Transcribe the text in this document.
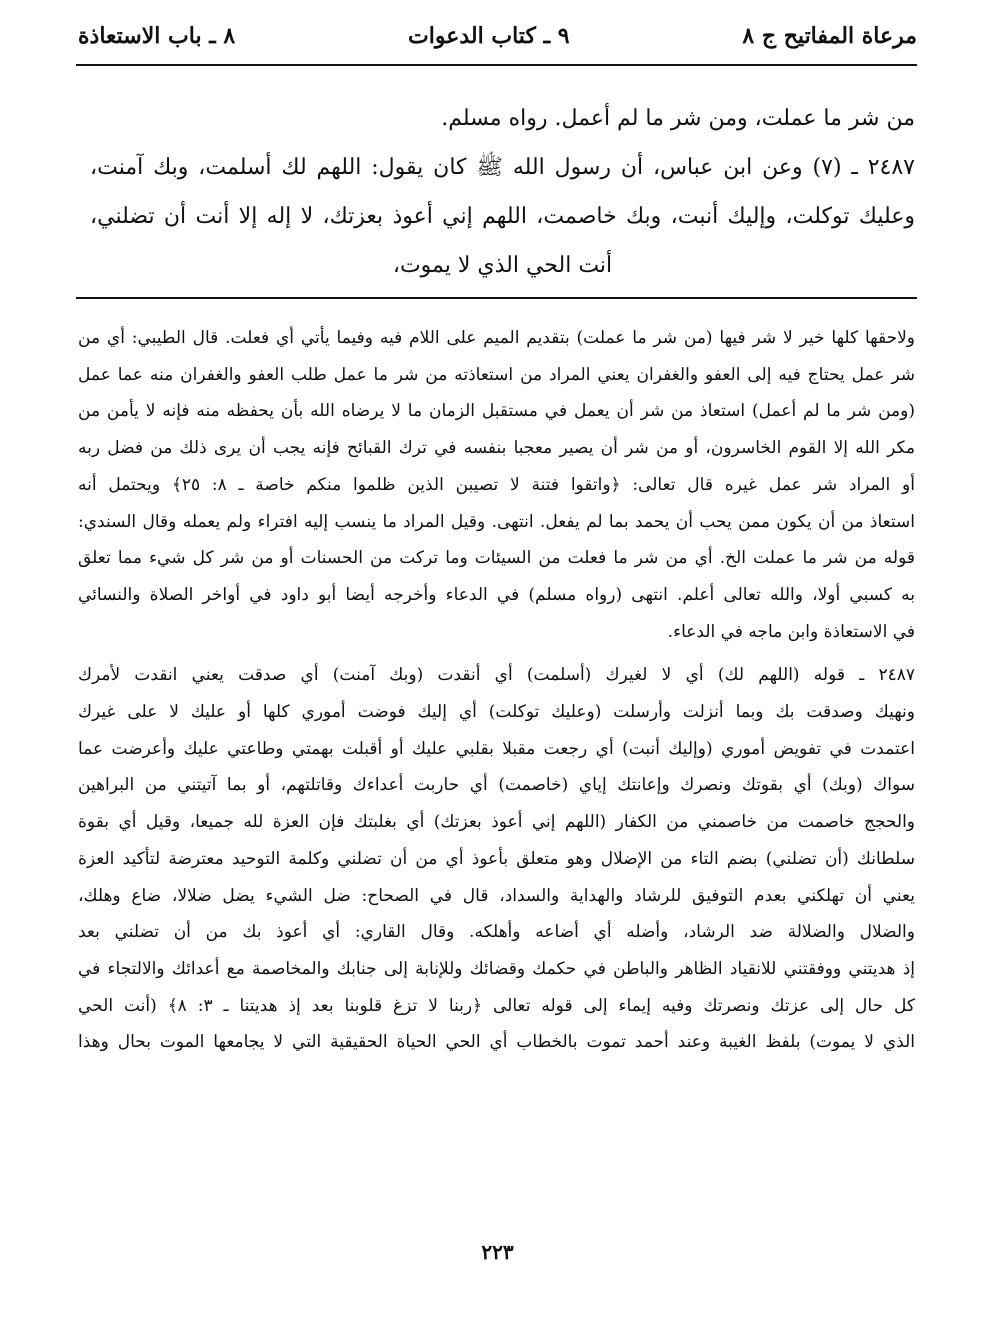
مرعاة المفاتيح ج ٨
٩ ـ كتاب الدعوات
٨ ـ باب الاستعاذة
من شر ما عملت، ومن شر ما لم أعمل. رواه مسلم.
٢٤٨٧ ـ (٧) وعن ابن عباس، أن رسول الله ﷺ كان يقول: اللهم لك أسلمت، وبك آمنت،
وعليك توكلت، وإليك أنبت، وبك خاصمت، اللهم إني أعوذ بعزتك، لا إله إلا أنت أن تضلني،
أنت الحي الذي لا يموت،
ولاحقها كلها خير لا شر فيها (من شر ما عملت) بتقديم الميم على اللام فيه وفيما يأتي أي فعلت. قال الطيبي: أي من
شر عمل يحتاج فيه إلى العفو والغفران يعني المراد من استعاذته من شر ما عمل طلب العفو والغفران منه عما عمل
(ومن شر ما لم أعمل) استعاذ من شر أن يعمل في مستقبل الزمان ما لا يرضاه الله بأن يحفظه منه فإنه لا يأمن من
مكر الله إلا القوم الخاسرون، أو من شر أن يصير معجبا بنفسه في ترك القبائح فإنه يجب أن يرى ذلك من فضل ربه
أو المراد شر عمل غيره قال تعالى: ﴿واتقوا فتنة لا تصيبن الذين ظلموا منكم خاصة ـ ٨: ٢٥﴾ ويحتمل أنه
استعاذ من أن يكون ممن يحب أن يحمد بما لم يفعل. انتهى. وقيل المراد ما ينسب إليه افتراء ولم يعمله وقال السندي:
قوله من شر ما عملت الخ. أي من شر ما فعلت من السيئات وما تركت من الحسنات أو من شر كل شيء مما تعلق
به كسبي أولا، والله تعالى أعلم. انتهى (رواه مسلم) في الدعاء وأخرجه أيضا أبو داود في أواخر الصلاة والنسائي
في الاستعاذة وابن ماجه في الدعاء.
٢٤٨٧ ـ قوله (اللهم لك) أي لا لغيرك (أسلمت) أي أنقدت (وبك آمنت) أي صدقت يعني انقدت لأمرك
ونهيك وصدقت بك وبما أنزلت وأرسلت (وعليك توكلت) أي إليك فوضت أموري كلها أو عليك لا على غيرك
اعتمدت في تفويض أموري (وإليك أنبت) أي رجعت مقبلا بقلبي عليك أو أقبلت بهمتي وطاعتي عليك وأعرضت عما
سواك (وبك) أي بقوتك ونصرك وإعانتك إياي (خاصمت) أي حاربت أعداءك وقاتلتهم، أو بما آتيتني من البراهين
والحجج خاصمت من خاصمني من الكفار (اللهم إني أعوذ بعزتك) أي بغلبتك فإن العزة لله جميعا، وقيل أي بقوة
سلطانك (أن تضلني) بضم التاء من الإضلال وهو متعلق بأعوذ أي من أن تضلني وكلمة التوحيد معترضة لتأكيد العزة
يعني أن تهلكني بعدم التوفيق للرشاد والهداية والسداد، قال في الصحاح: ضل الشيء يضل ضلالا، ضاع وهلك،
والضلال والضلالة ضد الرشاد، وأضله أي أضاعه وأهلكه. وقال القاري: أي أعوذ بك من أن تضلني بعد
إذ هديتني ووفقتني للانقياد الظاهر والباطن في حكمك وقضائك وللإنابة إلى جنابك والمخاصمة مع أعدائك والالتجاء في
كل حال إلى عزتك ونصرتك وفيه إيماء إلى قوله تعالى ﴿ربنا لا تزغ قلوبنا بعد إذ هديتنا ـ ٣: ٨﴾ (أنت الحي
الذي لا يموت) بلفظ الغيبة وعند أحمد تموت بالخطاب أي الحي الحياة الحقيقية التي لا يجامعها الموت بحال وهذا
٢٢٣
